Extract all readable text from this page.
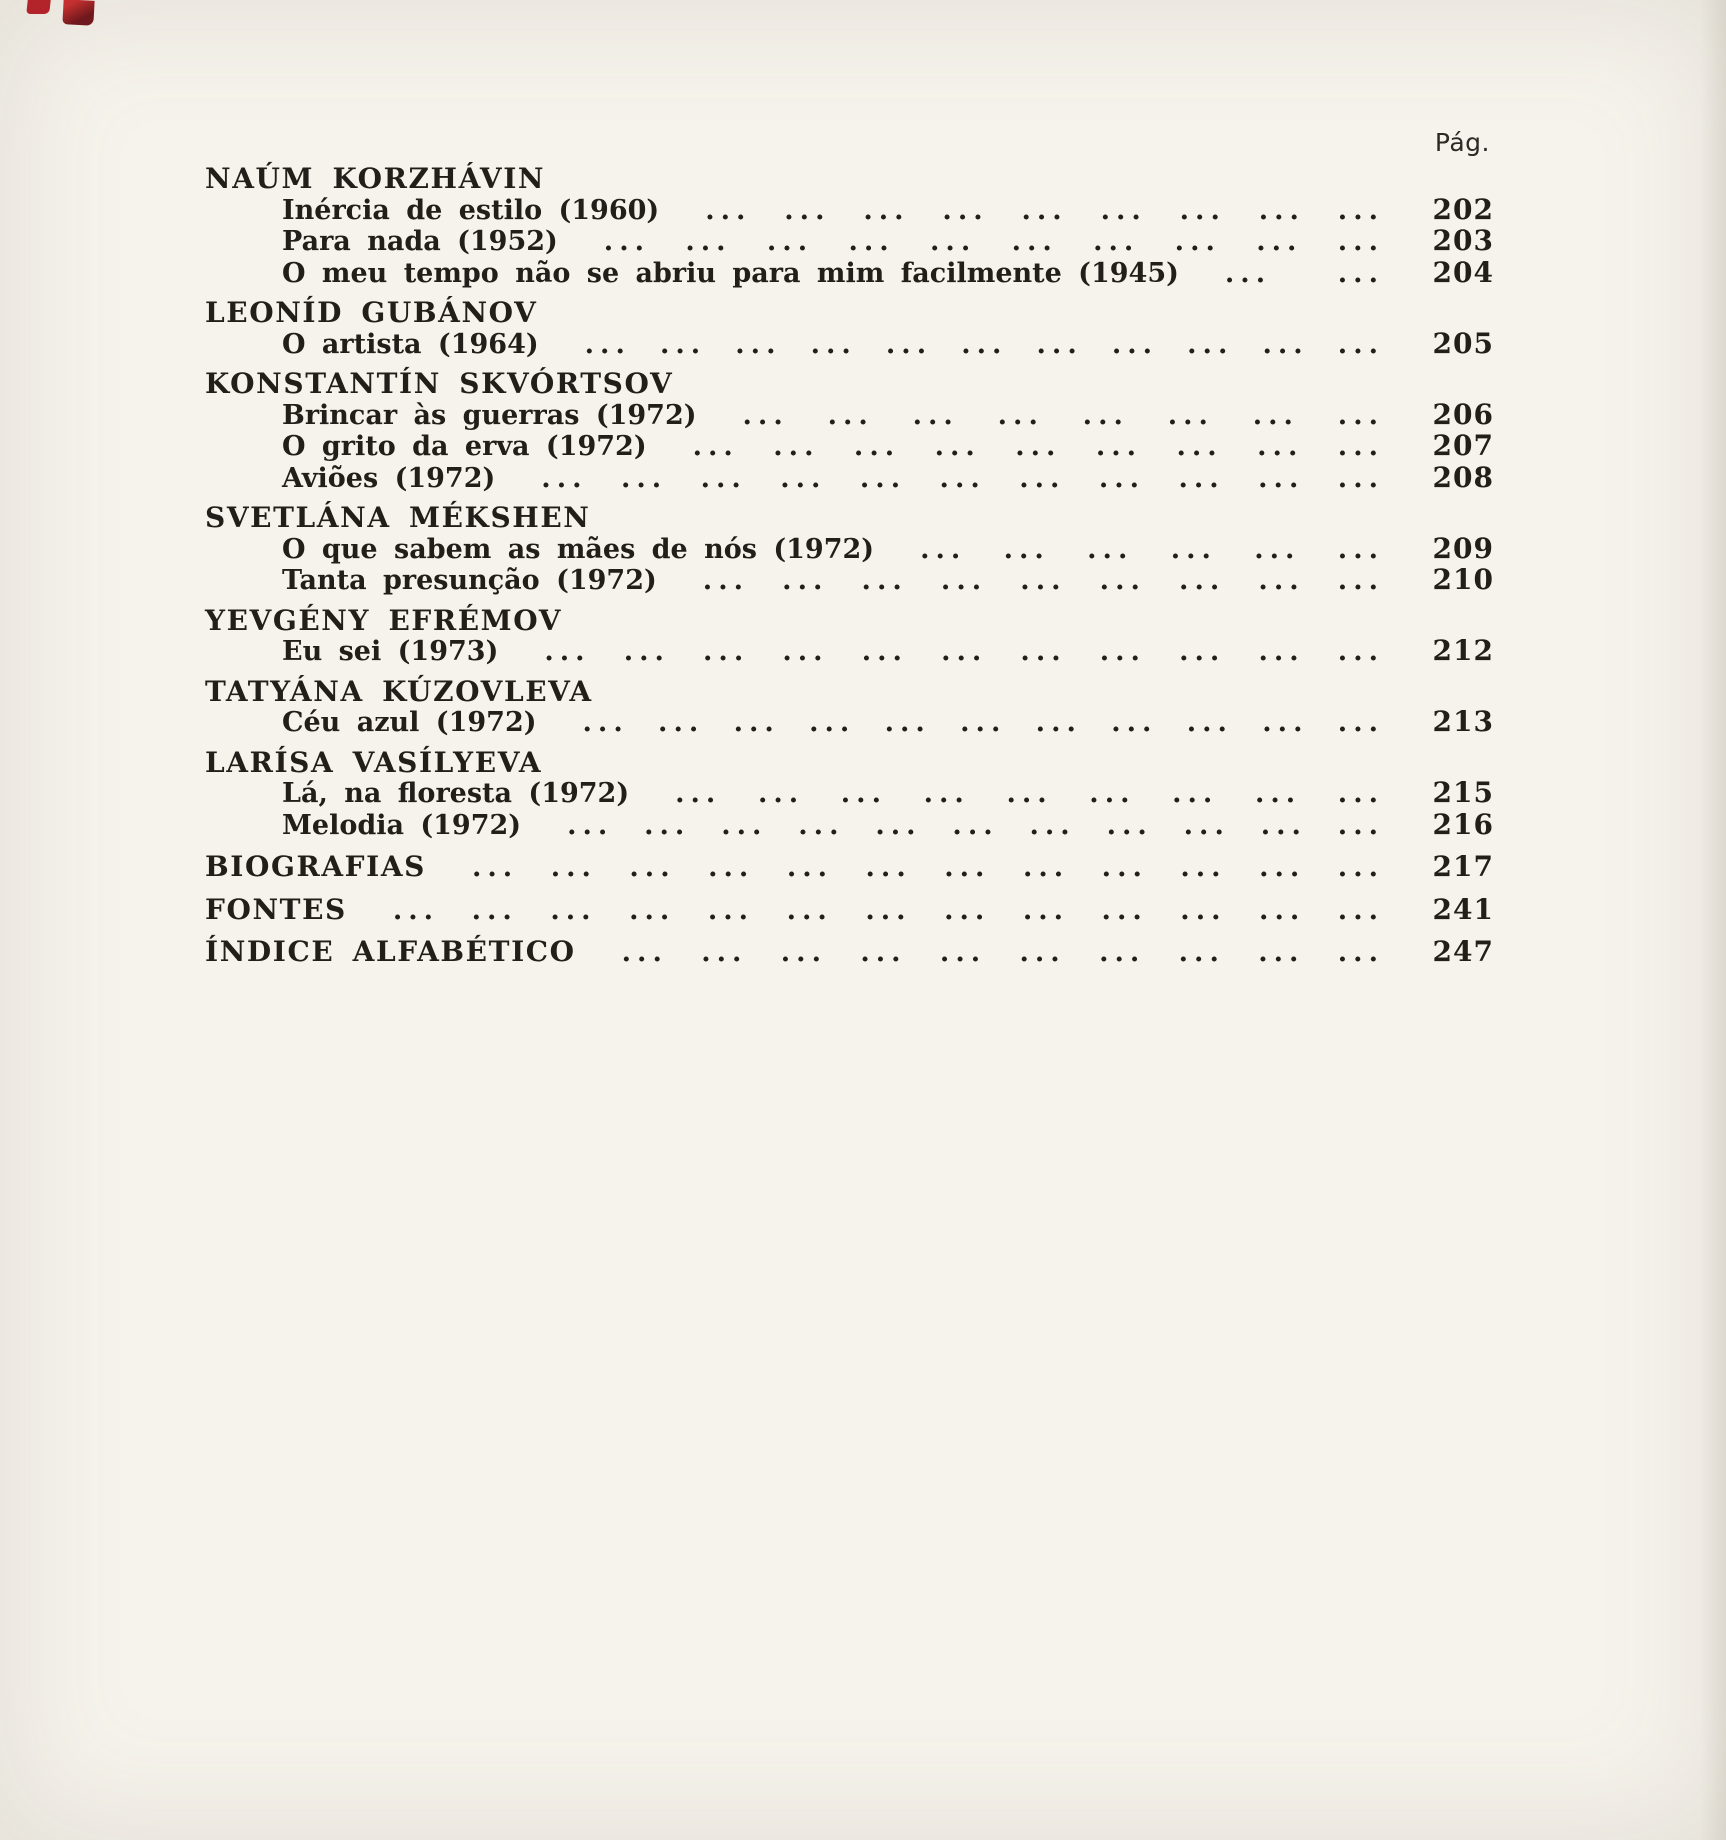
Pág.
NAÚM KORZHÁVIN
Inércia de estilo (1960)	... ... ... ... ... ... ... ... ...	202
Para nada (1952)	... ... ... ... ... ... ... ... ... ...	203
O meu tempo não se abriu para mim facilmente (1945)	... ...	204
LEONÍD GUBÁNOV
O artista (1964)	... ... ... ... ... ... ... ... ... ... ...	205
KONSTANTÍN SKVÓRTSOV
Brincar às guerras (1972)	... ... ... ... ... ... ... ...	206
O grito da erva (1972)	... ... ... ... ... ... ... ... ...	207
Aviões (1972)	... ... ... ... ... ... ... ... ... ... ...	208
SVETLÁNA MÉKSHEN
O que sabem as mães de nós (1972)	... ... ... ... ... ...	209
Tanta presunção (1972)	... ... ... ... ... ... ... ... ...	210
YEVGÉNY EFRÉMOV
Eu sei (1973)	... ... ... ... ... ... ... ... ... ... ...	212
TATYÁNA KÚZOVLEVA
Céu azul (1972)	... ... ... ... ... ... ... ... ... ... ...	213
LARÍSA VASÍLYEVA
Lá, na floresta (1972)	... ... ... ... ... ... ... ... ...	215
Melodia (1972)	... ... ... ... ... ... ... ... ... ... ...	216
BIOGRAFIAS	... ... ... ... ... ... ... ... ... ... ... ...	217
FONTES	... ... ... ... ... ... ... ... ... ... ... ... ...	241
ÍNDICE ALFABÉTICO	... ... ... ... ... ... ... ... ... ...	247
